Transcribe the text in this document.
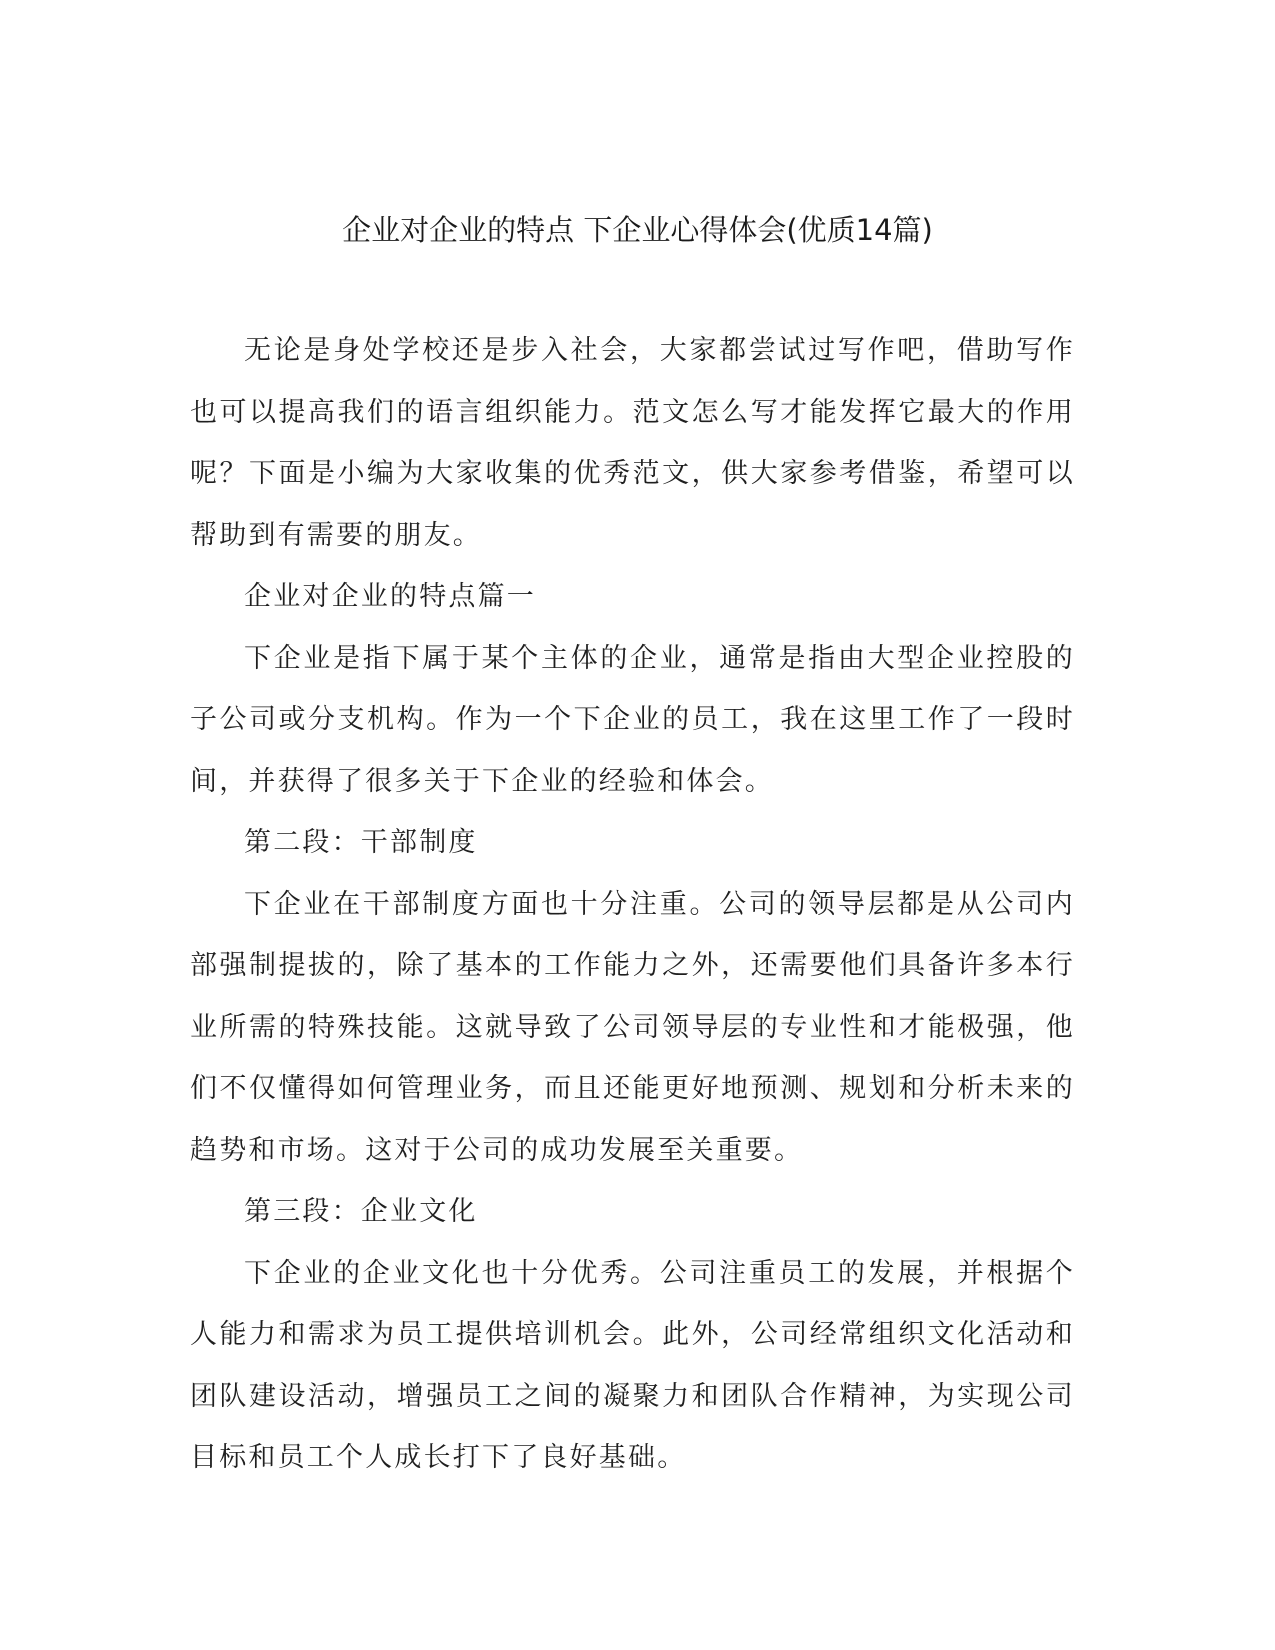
企业对企业的特点 下企业心得体会(优质14篇)

无论是身处学校还是步入社会，大家都尝试过写作吧，借助写作也可以提高我们的语言组织能力。范文怎么写才能发挥它最大的作用呢？下面是小编为大家收集的优秀范文，供大家参考借鉴，希望可以帮助到有需要的朋友。

企业对企业的特点篇一

下企业是指下属于某个主体的企业，通常是指由大型企业控股的子公司或分支机构。作为一个下企业的员工，我在这里工作了一段时间，并获得了很多关于下企业的经验和体会。

第二段：干部制度

下企业在干部制度方面也十分注重。公司的领导层都是从公司内部强制提拔的，除了基本的工作能力之外，还需要他们具备许多本行业所需的特殊技能。这就导致了公司领导层的专业性和才能极强，他们不仅懂得如何管理业务，而且还能更好地预测、规划和分析未来的趋势和市场。这对于公司的成功发展至关重要。

第三段：企业文化

下企业的企业文化也十分优秀。公司注重员工的发展，并根据个人能力和需求为员工提供培训机会。此外，公司经常组织文化活动和团队建设活动，增强员工之间的凝聚力和团队合作精神，为实现公司目标和员工个人成长打下了良好基础。
